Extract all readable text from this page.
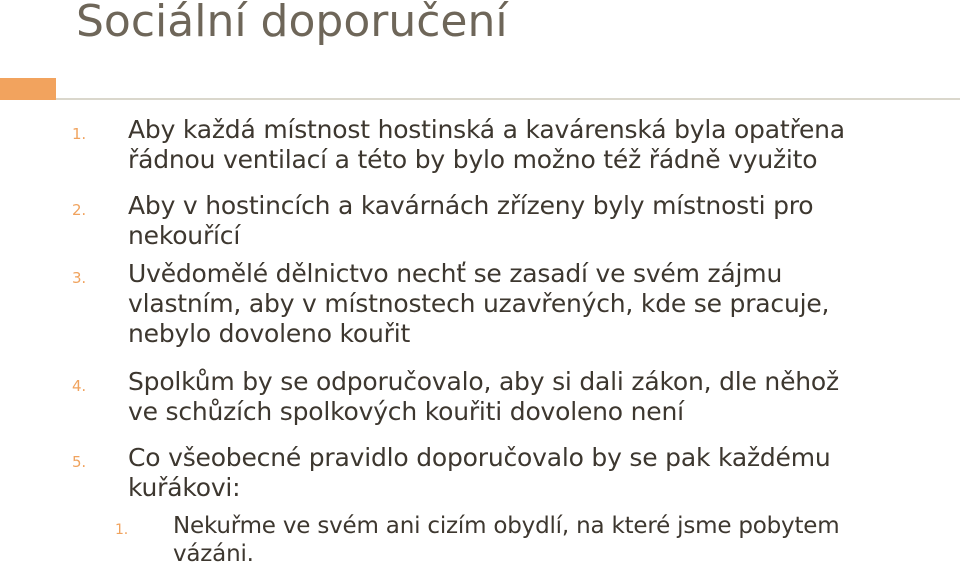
Sociální doporučení
1. Aby každá místnost hostinská a kavárenská byla opatřena
řádnou ventilací a této by bylo možno též řádně využito
2. Aby v hostincích a kavárnách zřízeny byly místnosti pro
nekouřící
3. Uvědomělé dělnictvo nechť se zasadí ve svém zájmu
vlastním, aby v místnostech uzavřených, kde se pracuje,
nebylo dovoleno kouřit
4. Spolkům by se odporučovalo, aby si dali zákon, dle něhož
ve schůzích spolkových kouřiti dovoleno není
5. Co všeobecné pravidlo doporučovalo by se pak každému
kuřákovi:
1. Nekuřme ve svém ani cizím obydlí, na které jsme pobytem
vázáni.
